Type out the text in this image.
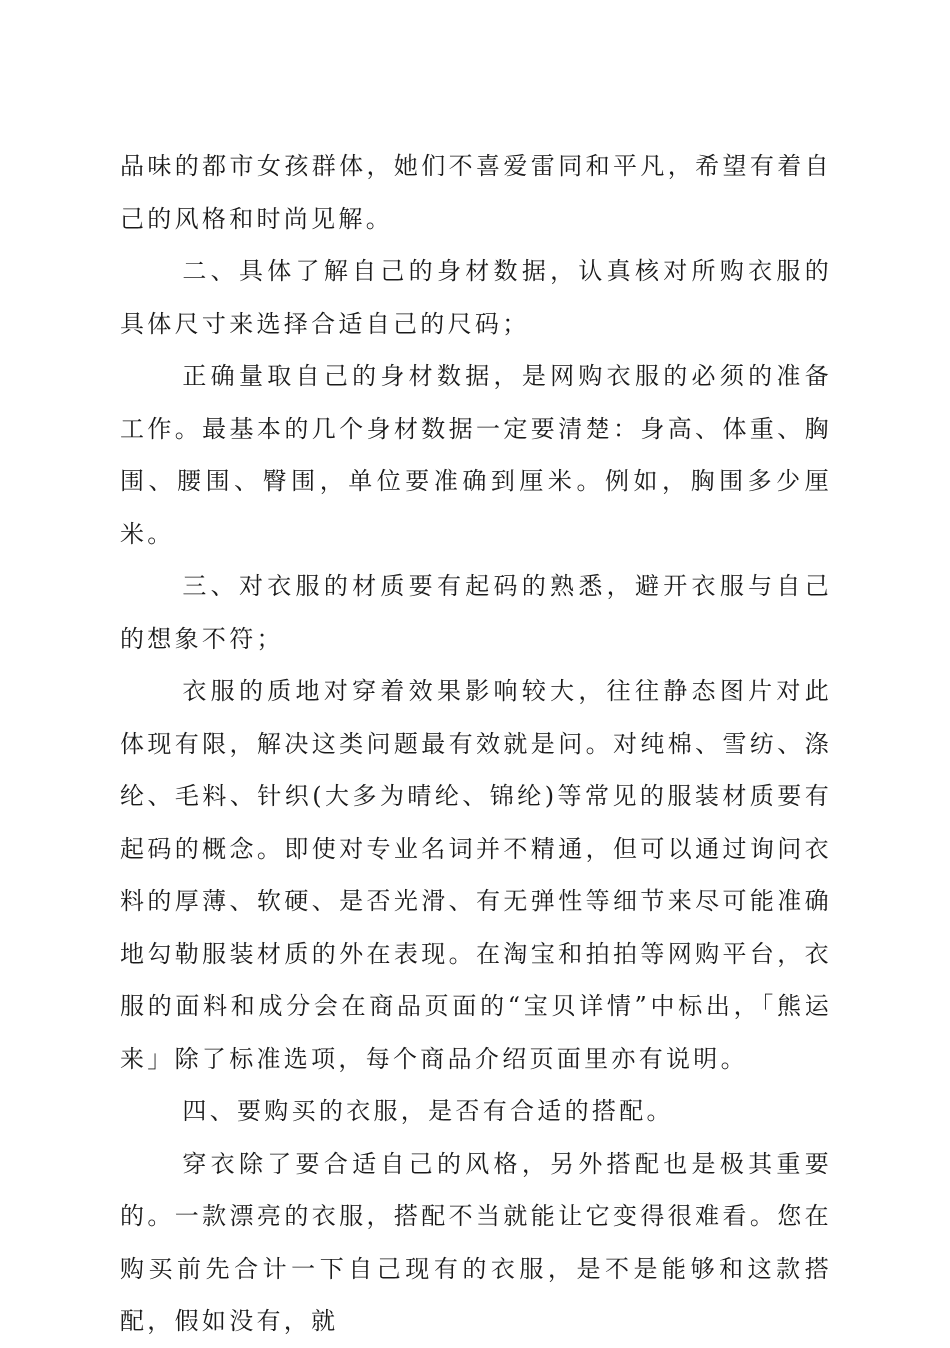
品味的都市女孩群体，她们不喜爱雷同和平凡，希望有着自己的风格和时尚见解。

二、具体了解自己的身材数据，认真核对所购衣服的具体尺寸来选择合适自己的尺码；

正确量取自己的身材数据，是网购衣服的必须的准备工作。最基本的几个身材数据一定要清楚：身高、体重、胸围、腰围、臀围，单位要准确到厘米。例如，胸围多少厘米。

三、对衣服的材质要有起码的熟悉，避开衣服与自己的想象不符；

衣服的质地对穿着效果影响较大，往往静态图片对此体现有限，解决这类问题最有效就是问。对纯棉、雪纺、涤纶、毛料、针织(大多为晴纶、锦纶)等常见的服装材质要有起码的概念。即使对专业名词并不精通，但可以通过询问衣料的厚薄、软硬、是否光滑、有无弹性等细节来尽可能准确地勾勒服装材质的外在表现。在淘宝和拍拍等网购平台，衣服的面料和成分会在商品页面的“宝贝详情”中标出，「熊运来」除了标准选项，每个商品介绍页面里亦有说明。

四、要购买的衣服，是否有合适的搭配。

穿衣除了要合适自己的风格，另外搭配也是极其重要的。一款漂亮的衣服，搭配不当就能让它变得很难看。您在购买前先合计一下自己现有的衣服，是不是能够和这款搭配，假如没有，就
